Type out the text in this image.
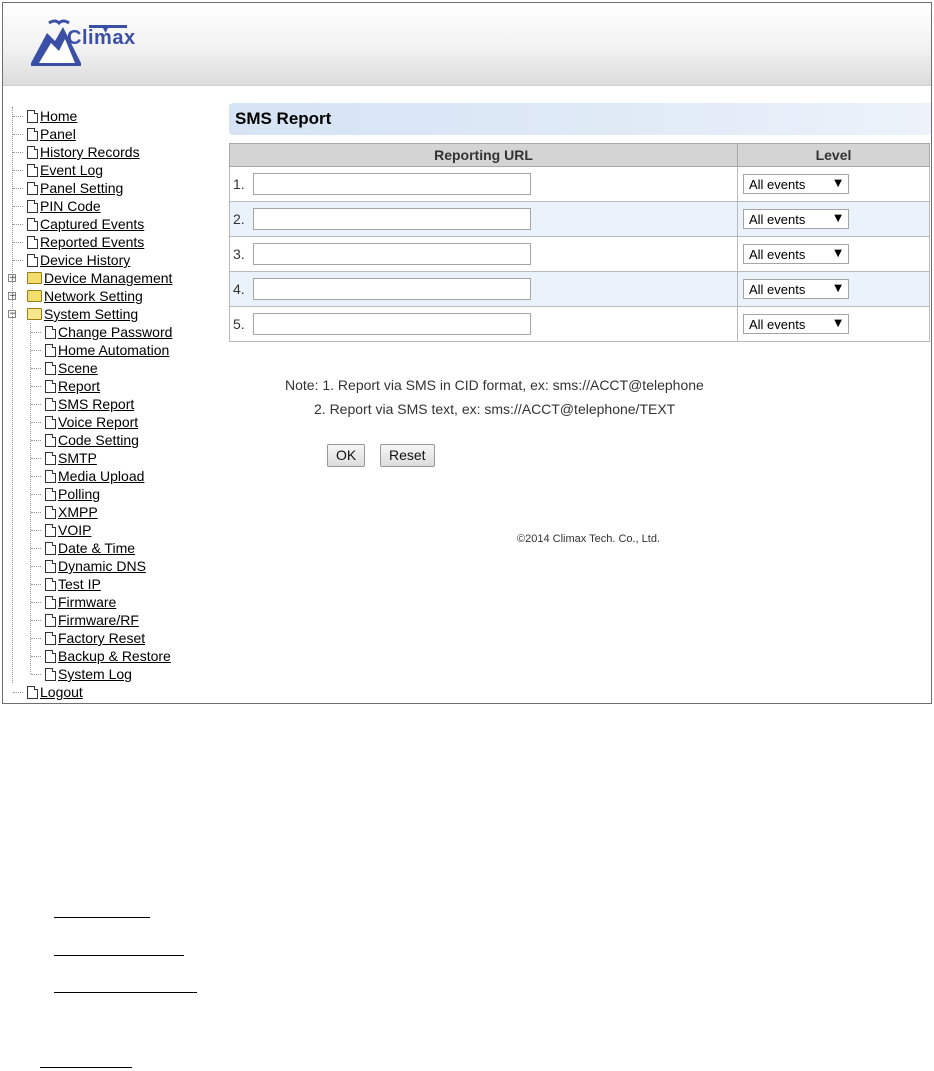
Climax
Home
Panel
History Records
Event Log
Panel Setting
PIN Code
Captured Events
Reported Events
Device History
Device Management
+
Network Setting
+
System Setting
−
Change Password
Home Automation
Scene
Report
SMS Report
Voice Report
Code Setting
SMTP
Media Upload
Polling
XMPP
VOIP
Date & Time
Dynamic DNS
Test IP
Firmware
Firmware/RF
Factory Reset
Backup & Restore
System Log
Logout
SMS Report
Reporting URL	Level
1.	All events ▼

2.	All events ▼

3.	All events ▼

4.	All events ▼

5.	All events ▼
Note: 1. Report via SMS in CID format, ex: sms://ACCT@telephone
2. Report via SMS text, ex: sms://ACCT@telephone/TEXT
OK	Reset
©2014 Climax Tech. Co., Ltd.
